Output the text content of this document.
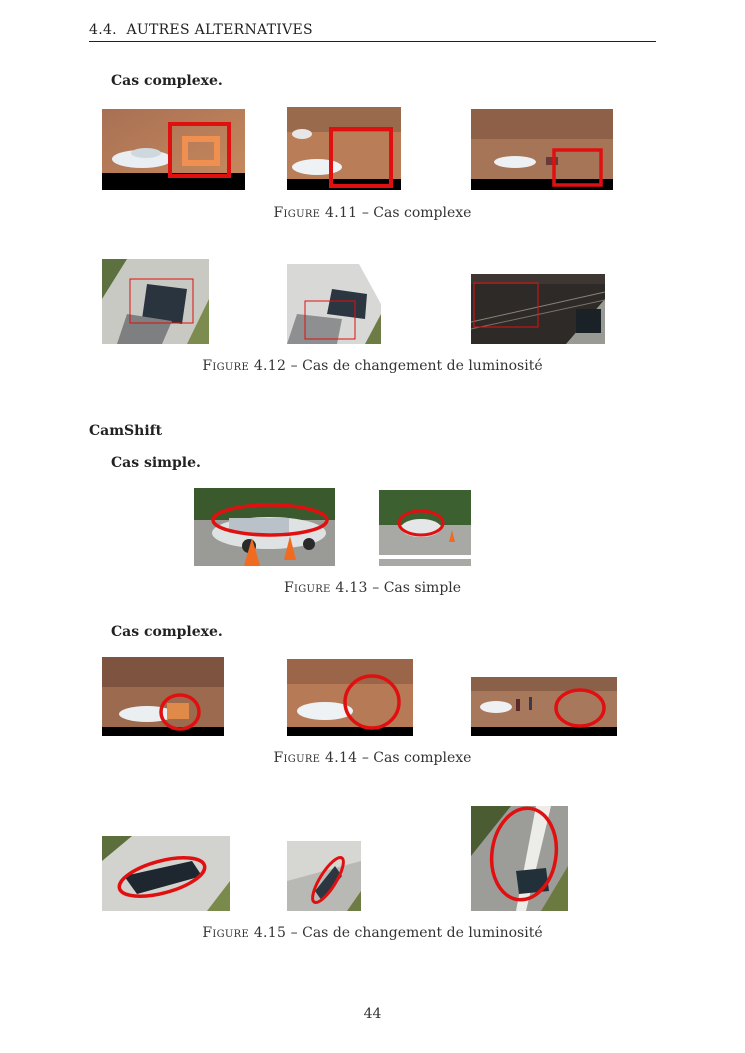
4.4. AUTRES ALTERNATIVES
Cas complexe.
Figure 4.11 – Cas complexe
Figure 4.12 – Cas de changement de luminosité
CamShift
Cas simple.
Figure 4.13 – Cas simple
Cas complexe.
Figure 4.14 – Cas complexe
Figure 4.15 – Cas de changement de luminosité
44
